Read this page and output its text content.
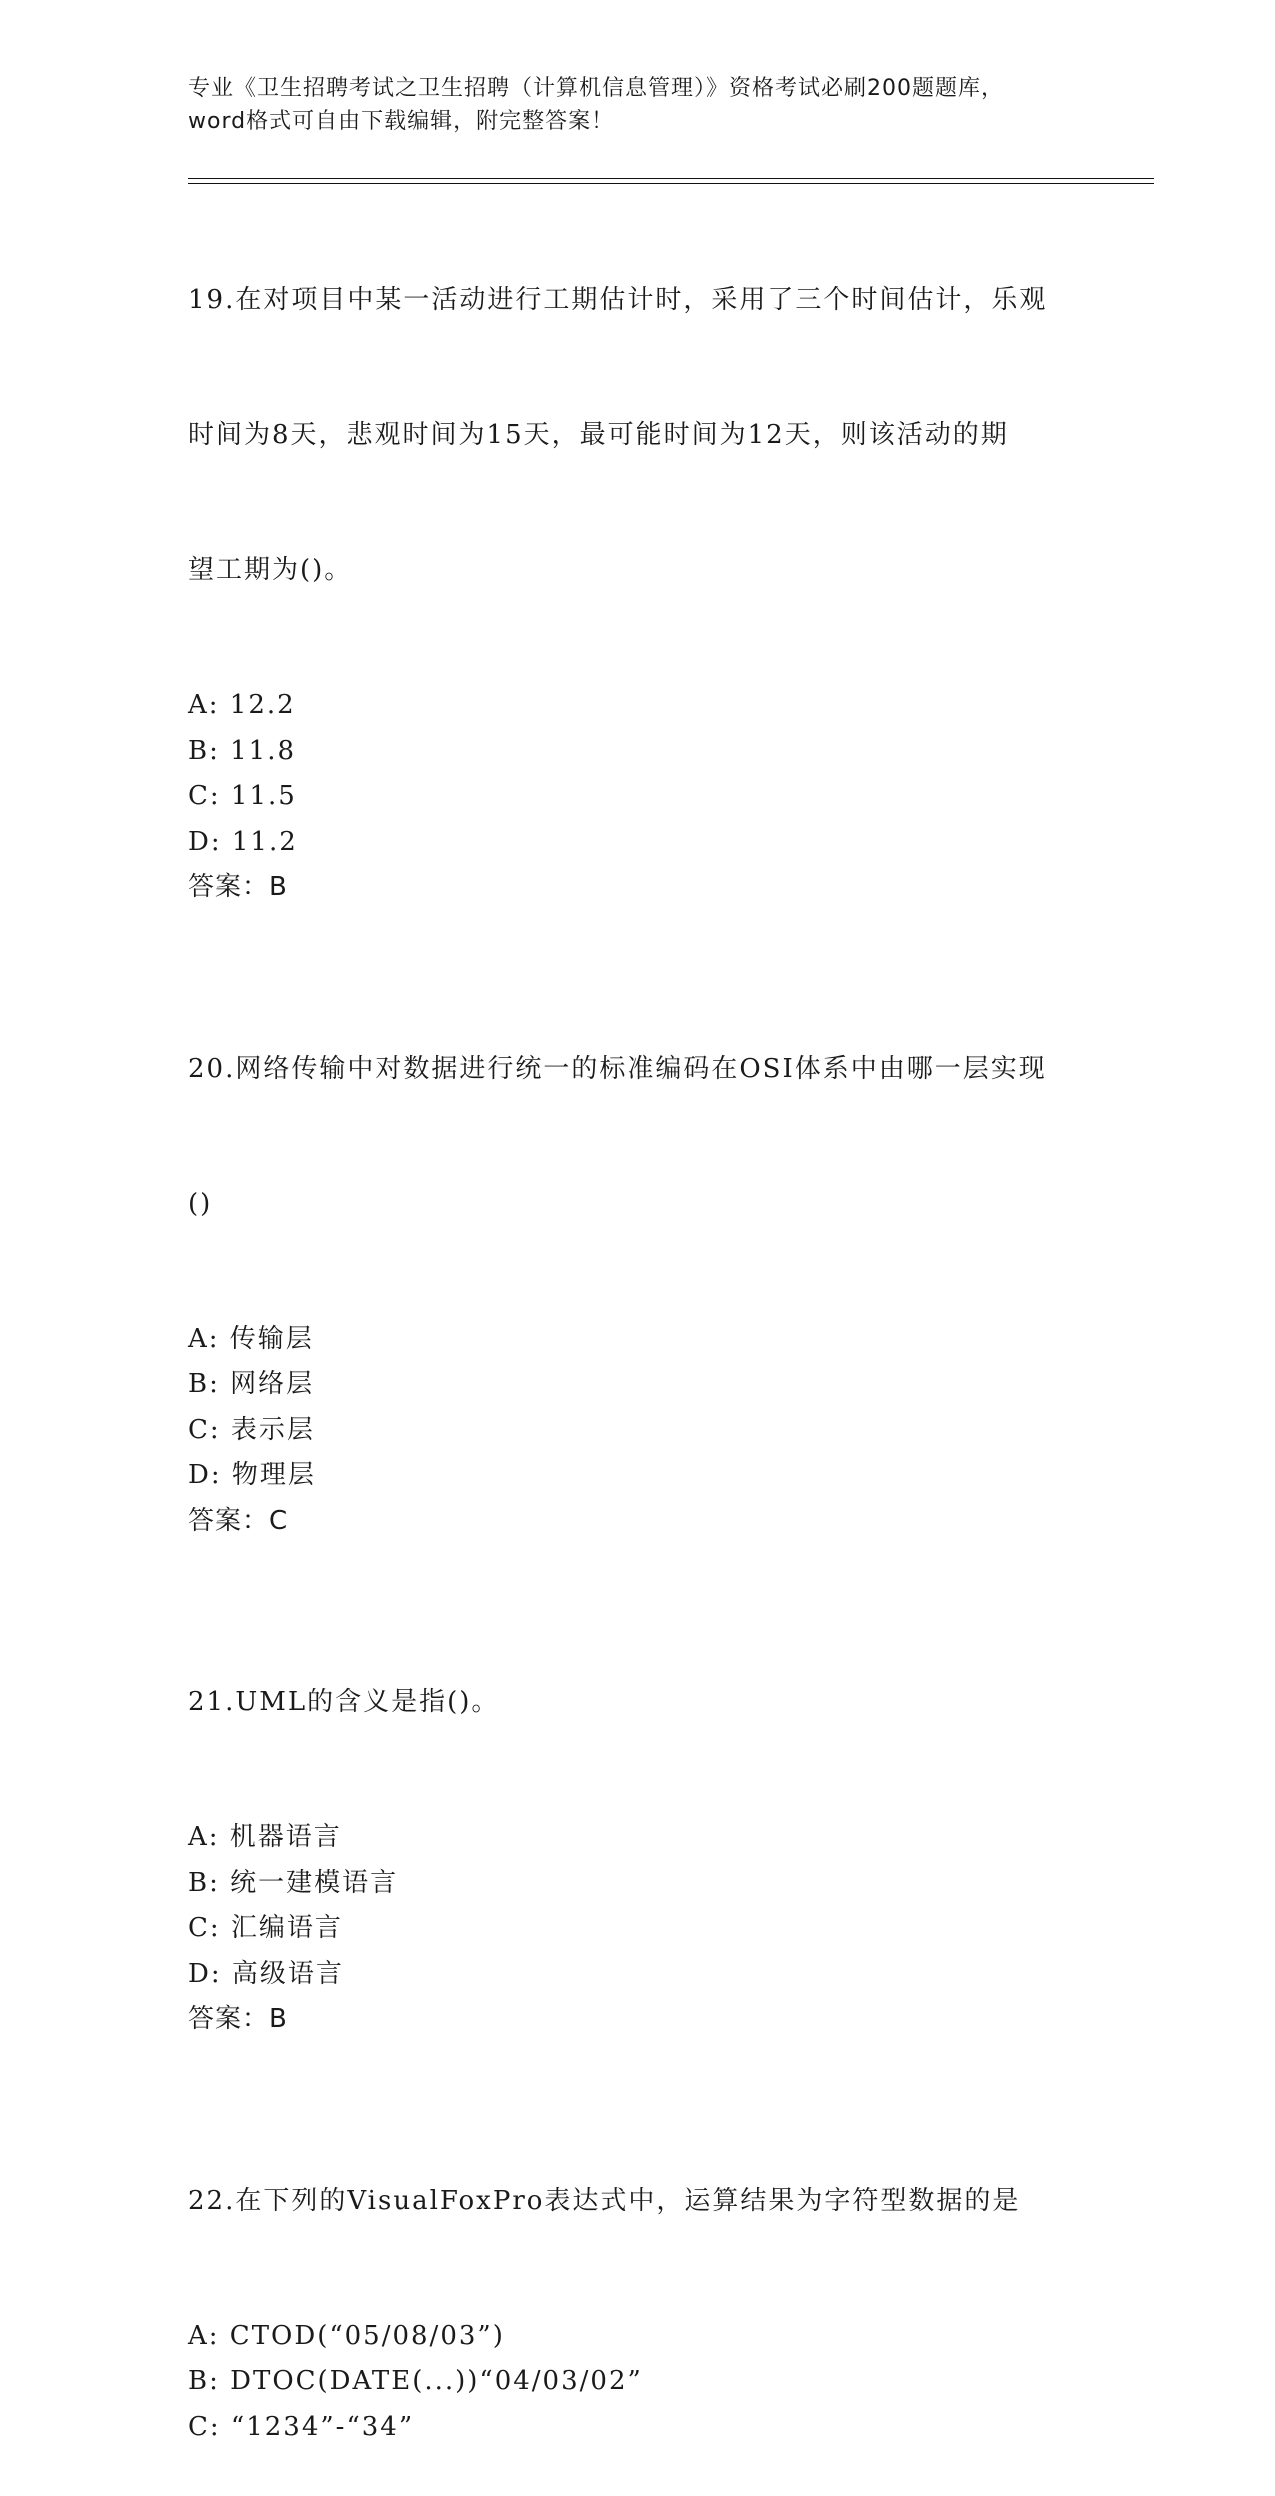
专业《卫生招聘考试之卫生招聘（计算机信息管理）》资格考试必刷200题题库，
word格式可自由下载编辑，附完整答案！

19.在对项目中某一活动进行工期估计时，采用了三个时间估计，乐观

时间为8天，悲观时间为15天，最可能时间为12天，则该活动的期

望工期为()。

A: 12.2
B: 11.8
C: 11.5
D: 11.2
答案：B

20.网络传输中对数据进行统一的标准编码在OSI体系中由哪一层实现

()

A: 传输层
B: 网络层
C: 表示层
D: 物理层
答案：C

21.UML的含义是指()。

A: 机器语言
B: 统一建模语言
C: 汇编语言
D: 高级语言
答案：B

22.在下列的VisualFoxPro表达式中，运算结果为字符型数据的是

A: CTOD(“05/08/03”)
B: DTOC(DATE(...))“04/03/02”
C: “1234”-“34”
